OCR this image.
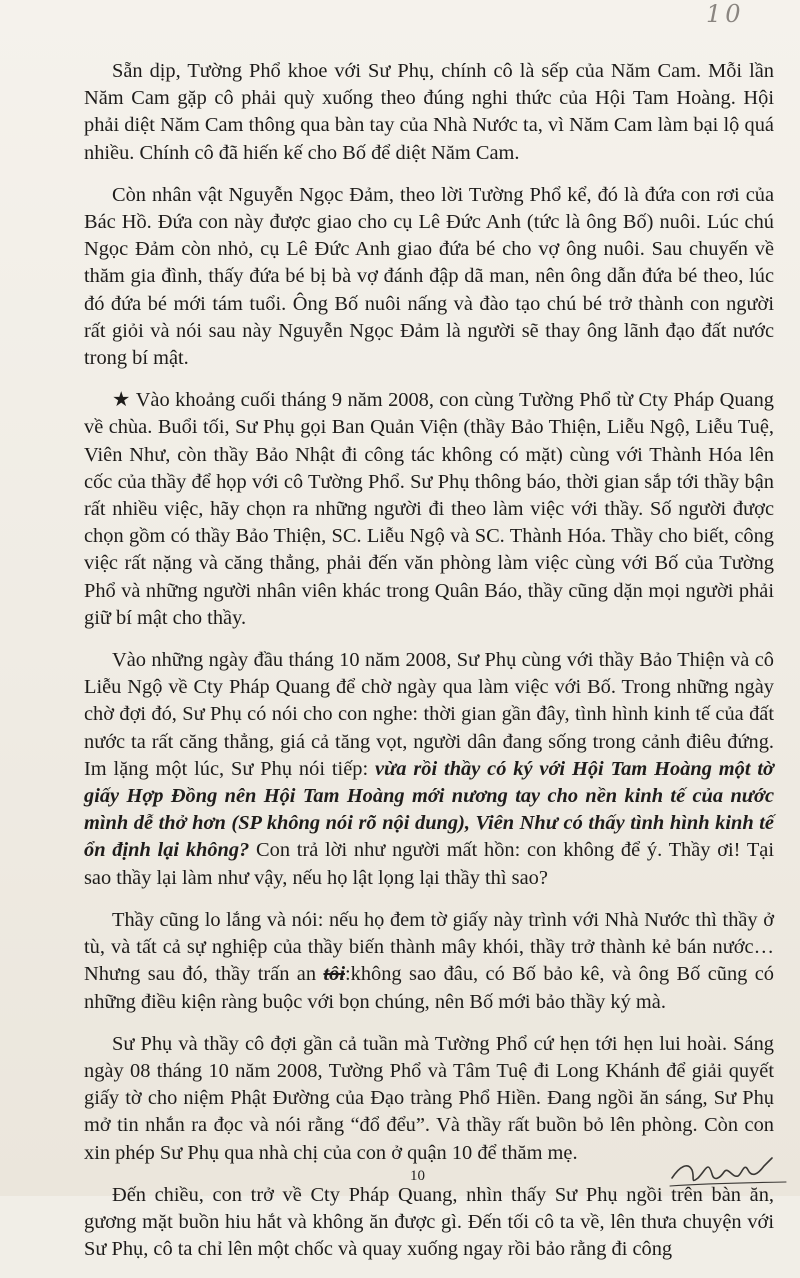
10

Sẵn dịp, Tường Phổ khoe với Sư Phụ, chính cô là sếp của Năm Cam. Mỗi lần Năm Cam gặp cô phải quỳ xuống theo đúng nghi thức của Hội Tam Hoàng. Hội phải diệt Năm Cam thông qua bàn tay của Nhà Nước ta, vì Năm Cam làm bại lộ quá nhiều. Chính cô đã hiến kế cho Bố để diệt Năm Cam.

Còn nhân vật Nguyễn Ngọc Đảm, theo lời Tường Phổ kể, đó là đứa con rơi của Bác Hồ. Đứa con này được giao cho cụ Lê Đức Anh (tức là ông Bố) nuôi. Lúc chú Ngọc Đảm còn nhỏ, cụ Lê Đức Anh giao đứa bé cho vợ ông nuôi. Sau chuyến về thăm gia đình, thấy đứa bé bị bà vợ đánh đập dã man, nên ông dẫn đứa bé theo, lúc đó đứa bé mới tám tuổi. Ông Bố nuôi nấng và đào tạo chú bé trở thành con người rất giỏi và nói sau này Nguyễn Ngọc Đảm là người sẽ thay ông lãnh đạo đất nước trong bí mật.

★ Vào khoảng cuối tháng 9 năm 2008, con cùng Tường Phổ từ Cty Pháp Quang về chùa. Buổi tối, Sư Phụ gọi Ban Quản Viện (thầy Bảo Thiện, Liễu Ngộ, Liễu Tuệ, Viên Như, còn thầy Bảo Nhật đi công tác không có mặt) cùng với Thành Hóa lên cốc của thầy để họp với cô Tường Phổ. Sư Phụ thông báo, thời gian sắp tới thầy bận rất nhiều việc, hãy chọn ra những người đi theo làm việc với thầy. Số người được chọn gồm có thầy Bảo Thiện, SC. Liễu Ngộ và SC. Thành Hóa. Thầy cho biết, công việc rất nặng và căng thẳng, phải đến văn phòng làm việc cùng với Bố của Tường Phổ và những người nhân viên khác trong Quân Báo, thầy cũng dặn mọi người phải giữ bí mật cho thầy.

Vào những ngày đầu tháng 10 năm 2008, Sư Phụ cùng với thầy Bảo Thiện và cô Liễu Ngộ về Cty Pháp Quang để chờ ngày qua làm việc với Bố. Trong những ngày chờ đợi đó, Sư Phụ có nói cho con nghe: thời gian gần đây, tình hình kinh tế của đất nước ta rất căng thẳng, giá cả tăng vọt, người dân đang sống trong cảnh điêu đứng. Im lặng một lúc, Sư Phụ nói tiếp: vừa rồi thầy có ký với Hội Tam Hoàng một tờ giấy Hợp Đồng nên Hội Tam Hoàng mới nương tay cho nền kinh tế của nước mình dễ thở hơn (SP không nói rõ nội dung), Viên Như có thấy tình hình kinh tế ổn định lại không? Con trả lời như người mất hồn: con không để ý. Thầy ơi! Tại sao thầy lại làm như vậy, nếu họ lật lọng lại thầy thì sao?

Thầy cũng lo lắng và nói: nếu họ đem tờ giấy này trình với Nhà Nước thì thầy ở tù, và tất cả sự nghiệp của thầy biến thành mây khói, thầy trở thành kẻ bán nước… Nhưng sau đó, thầy trấn an tôi:không sao đâu, có Bố bảo kê, và ông Bố cũng có những điều kiện ràng buộc với bọn chúng, nên Bố mới bảo thầy ký mà.

Sư Phụ và thầy cô đợi gần cả tuần mà Tường Phổ cứ hẹn tới hẹn lui hoài. Sáng ngày 08 tháng 10 năm 2008, Tường Phổ và Tâm Tuệ đi Long Khánh để giải quyết giấy tờ cho niệm Phật Đường của Đạo tràng Phổ Hiền. Đang ngồi ăn sáng, Sư Phụ mở tin nhắn ra đọc và nói rằng “đổ đểu”. Và thầy rất buồn bỏ lên phòng. Còn con xin phép Sư Phụ qua nhà chị của con ở quận 10 để thăm mẹ.

Đến chiều, con trở về Cty Pháp Quang, nhìn thấy Sư Phụ ngồi trên bàn ăn, gương mặt buồn hiu hắt và không ăn được gì. Đến tối cô ta về, lên thưa chuyện với Sư Phụ, cô ta chỉ lên một chốc và quay xuống ngay rồi bảo rằng đi công

10
